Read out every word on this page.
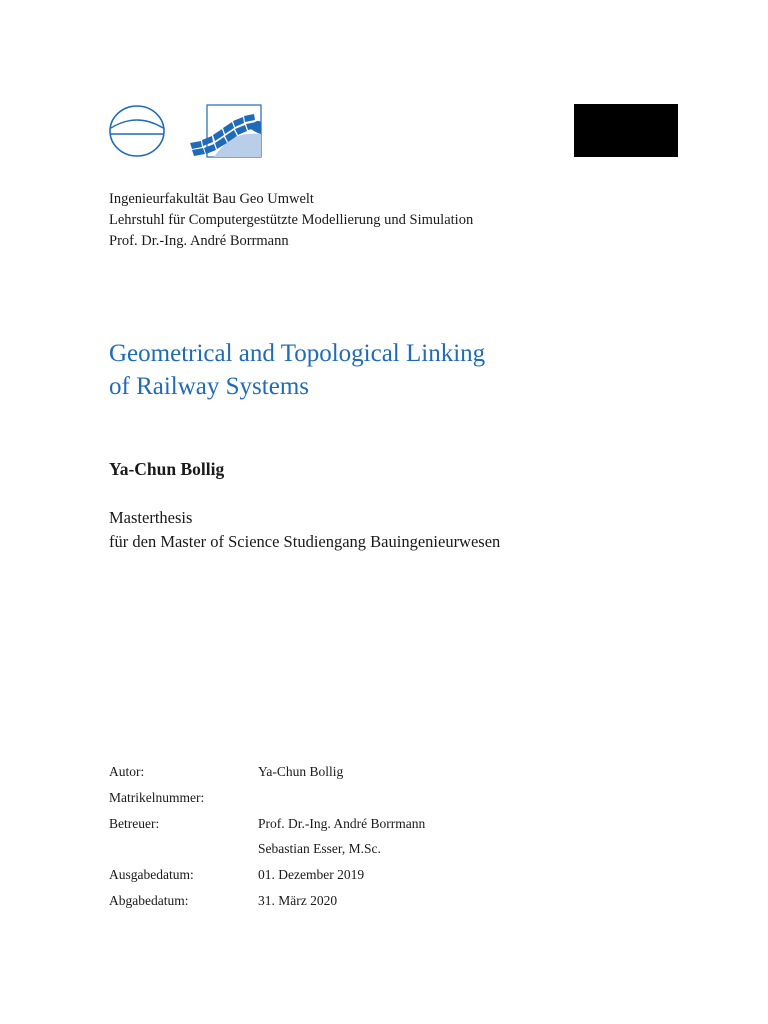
Ingenieurfakultät Bau Geo Umwelt
Lehrstuhl für Computergestützte Modellierung und Simulation
Prof. Dr.-Ing. André Borrmann
Geometrical and Topological Linking
of Railway Systems
Ya-Chun Bollig
Masterthesis
für den Master of Science Studiengang Bauingenieurwesen
Autor:	Ya-Chun Bollig
Matrikelnummer:
Betreuer:	Prof. Dr.-Ing. André Borrmann
Sebastian Esser, M.Sc.
Ausgabedatum:	01. Dezember 2019
Abgabedatum:	31. März 2020
